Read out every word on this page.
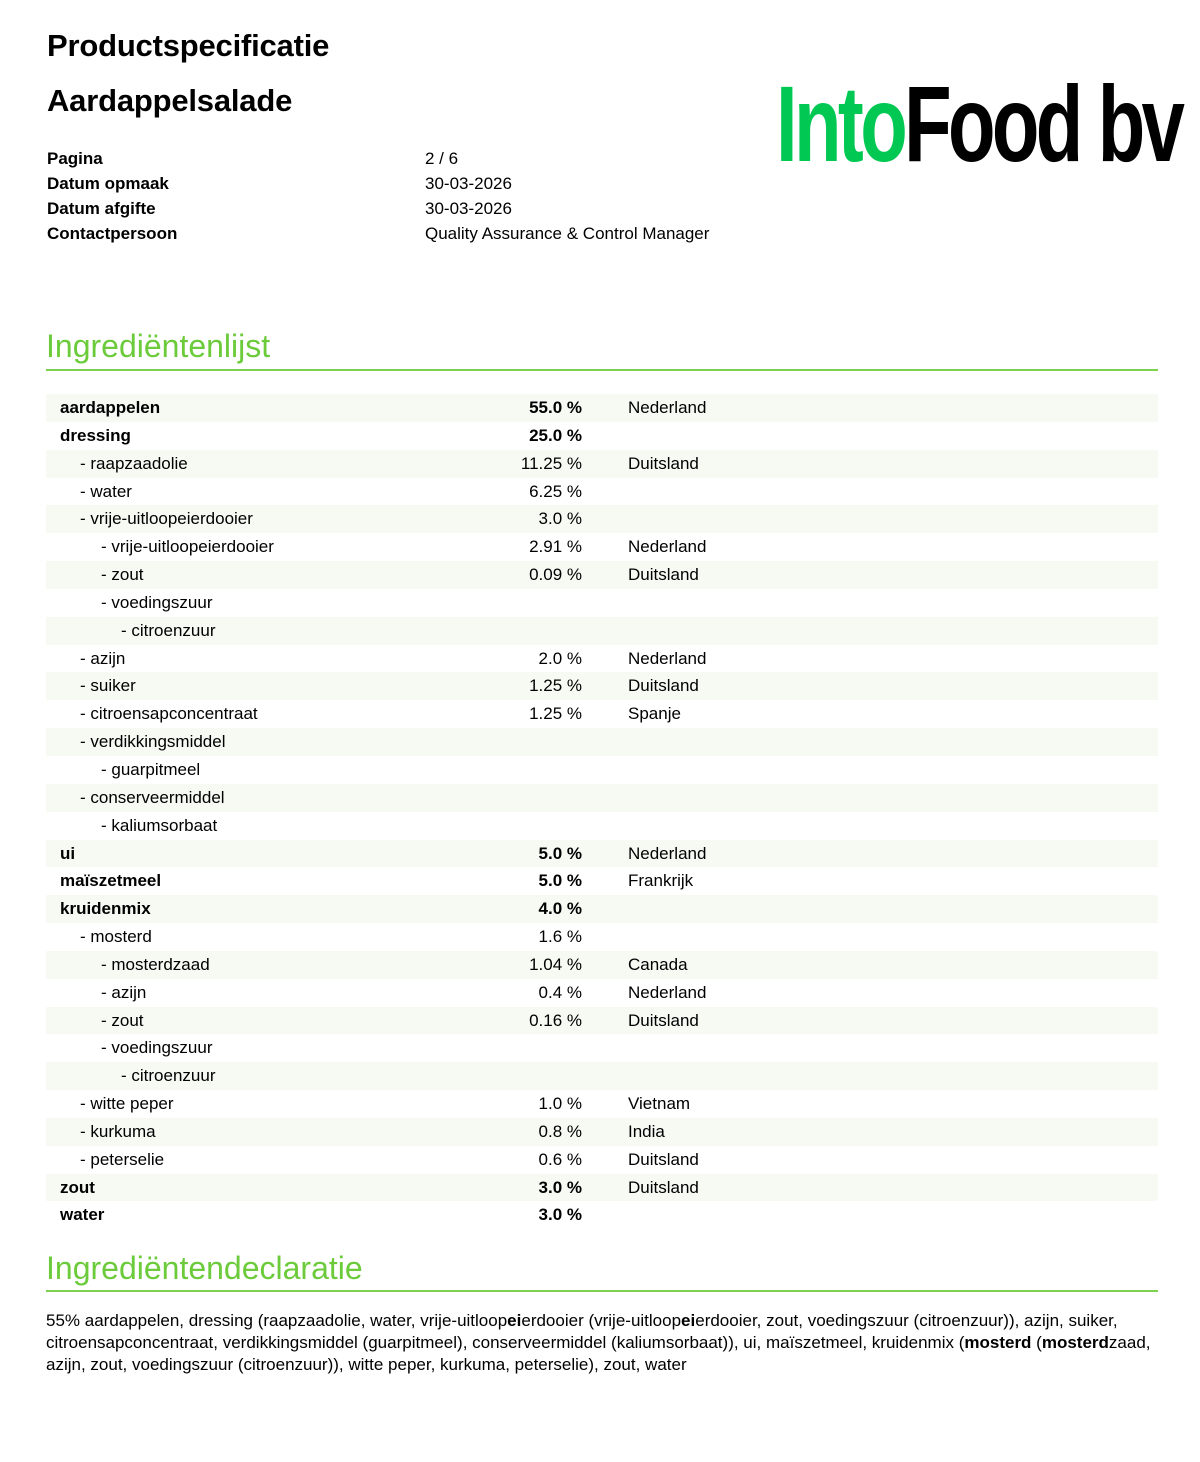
Productspecificatie
Aardappelsalade	IntoFood bv
Pagina	2 / 6
Datum opmaak	30-03-2026
Datum afgifte	30-03-2026
Contactpersoon	Quality Assurance & Control Manager
Ingrediëntenlijst
aardappelen	55.0 %	Nederland
dressing	25.0 %
- raapzaadolie	11.25 %	Duitsland
- water	6.25 %
- vrije-uitloopeierdooier	3.0 %
- vrije-uitloopeierdooier	2.91 %	Nederland
- zout	0.09 %	Duitsland
- voedingszuur
- citroenzuur
- azijn	2.0 %	Nederland
- suiker	1.25 %	Duitsland
- citroensapconcentraat	1.25 %	Spanje
- verdikkingsmiddel
- guarpitmeel
- conserveermiddel
- kaliumsorbaat
ui	5.0 %	Nederland
maïszetmeel	5.0 %	Frankrijk
kruidenmix	4.0 %
- mosterd	1.6 %
- mosterdzaad	1.04 %	Canada
- azijn	0.4 %	Nederland
- zout	0.16 %	Duitsland
- voedingszuur
- citroenzuur
- witte peper	1.0 %	Vietnam
- kurkuma	0.8 %	India
- peterselie	0.6 %	Duitsland
zout	3.0 %	Duitsland
water	3.0 %
Ingrediëntendeclaratie
55% aardappelen, dressing (raapzaadolie, water, vrije-uitloopeierdooier (vrije-uitloopeierdooier, zout, voedingszuur (citroenzuur)), azijn, suiker, citroensapconcentraat, verdikkingsmiddel (guarpitmeel), conserveermiddel (kaliumsorbaat)), ui, maïszetmeel, kruidenmix (mosterd (mosterdzaad, azijn, zout, voedingszuur (citroenzuur)), witte peper, kurkuma, peterselie), zout, water
